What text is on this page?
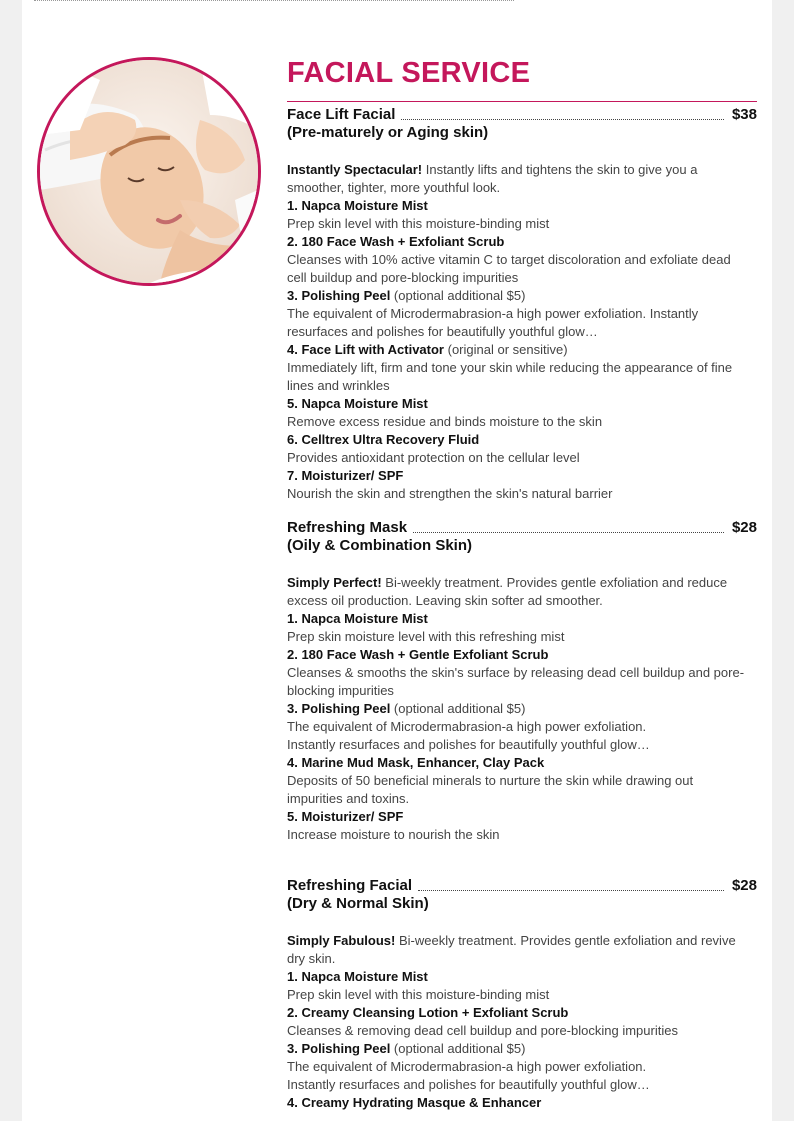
FACIAL SERVICE
Face Lift Facial	$38
(Pre-maturely or Aging skin)
Instantly Spectacular! Instantly lifts and tightens the skin to give you a
smoother, tighter, more youthful look.
1. Napca Moisture Mist
Prep skin level with this moisture-binding mist
2. 180 Face Wash + Exfoliant Scrub
Cleanses with 10% active vitamin C to target discoloration and exfoliate dead
cell buildup and pore-blocking impurities
3. Polishing Peel (optional additional $5)
The equivalent of Microdermabrasion-a high power exfoliation. Instantly
resurfaces and polishes for beautifully youthful glow…
4. Face Lift with Activator (original or sensitive)
Immediately lift, firm and tone your skin while reducing the appearance of fine
lines and wrinkles
5. Napca Moisture Mist
Remove excess residue and binds moisture to the skin
6. Celltrex Ultra Recovery Fluid
Provides antioxidant protection on the cellular level
7. Moisturizer/ SPF
Nourish the skin and strengthen the skin's natural barrier
Refreshing Mask	$28
(Oily & Combination Skin)
Simply Perfect! Bi-weekly treatment. Provides gentle exfoliation and reduce
excess oil production. Leaving skin softer ad smoother.
1. Napca Moisture Mist
Prep skin moisture level with this refreshing mist
2. 180 Face Wash + Gentle Exfoliant Scrub
Cleanses & smooths the skin's surface by releasing dead cell buildup and pore-
blocking impurities
3. Polishing Peel (optional additional $5)
The equivalent of Microdermabrasion-a high power exfoliation.
Instantly resurfaces and polishes for beautifully youthful glow…
4. Marine Mud Mask, Enhancer, Clay Pack
Deposits of 50 beneficial minerals to nurture the skin while drawing out
impurities and toxins.
5. Moisturizer/ SPF
Increase moisture to nourish the skin
Refreshing Facial	$28
(Dry & Normal Skin)
Simply Fabulous! Bi-weekly treatment. Provides gentle exfoliation and revive
dry skin.
1. Napca Moisture Mist
Prep skin level with this moisture-binding mist
2. Creamy Cleansing Lotion + Exfoliant Scrub
Cleanses & removing dead cell buildup and pore-blocking impurities
3. Polishing Peel (optional additional $5)
The equivalent of Microdermabrasion-a high power exfoliation.
Instantly resurfaces and polishes for beautifully youthful glow…
4. Creamy Hydrating Masque & Enhancer
